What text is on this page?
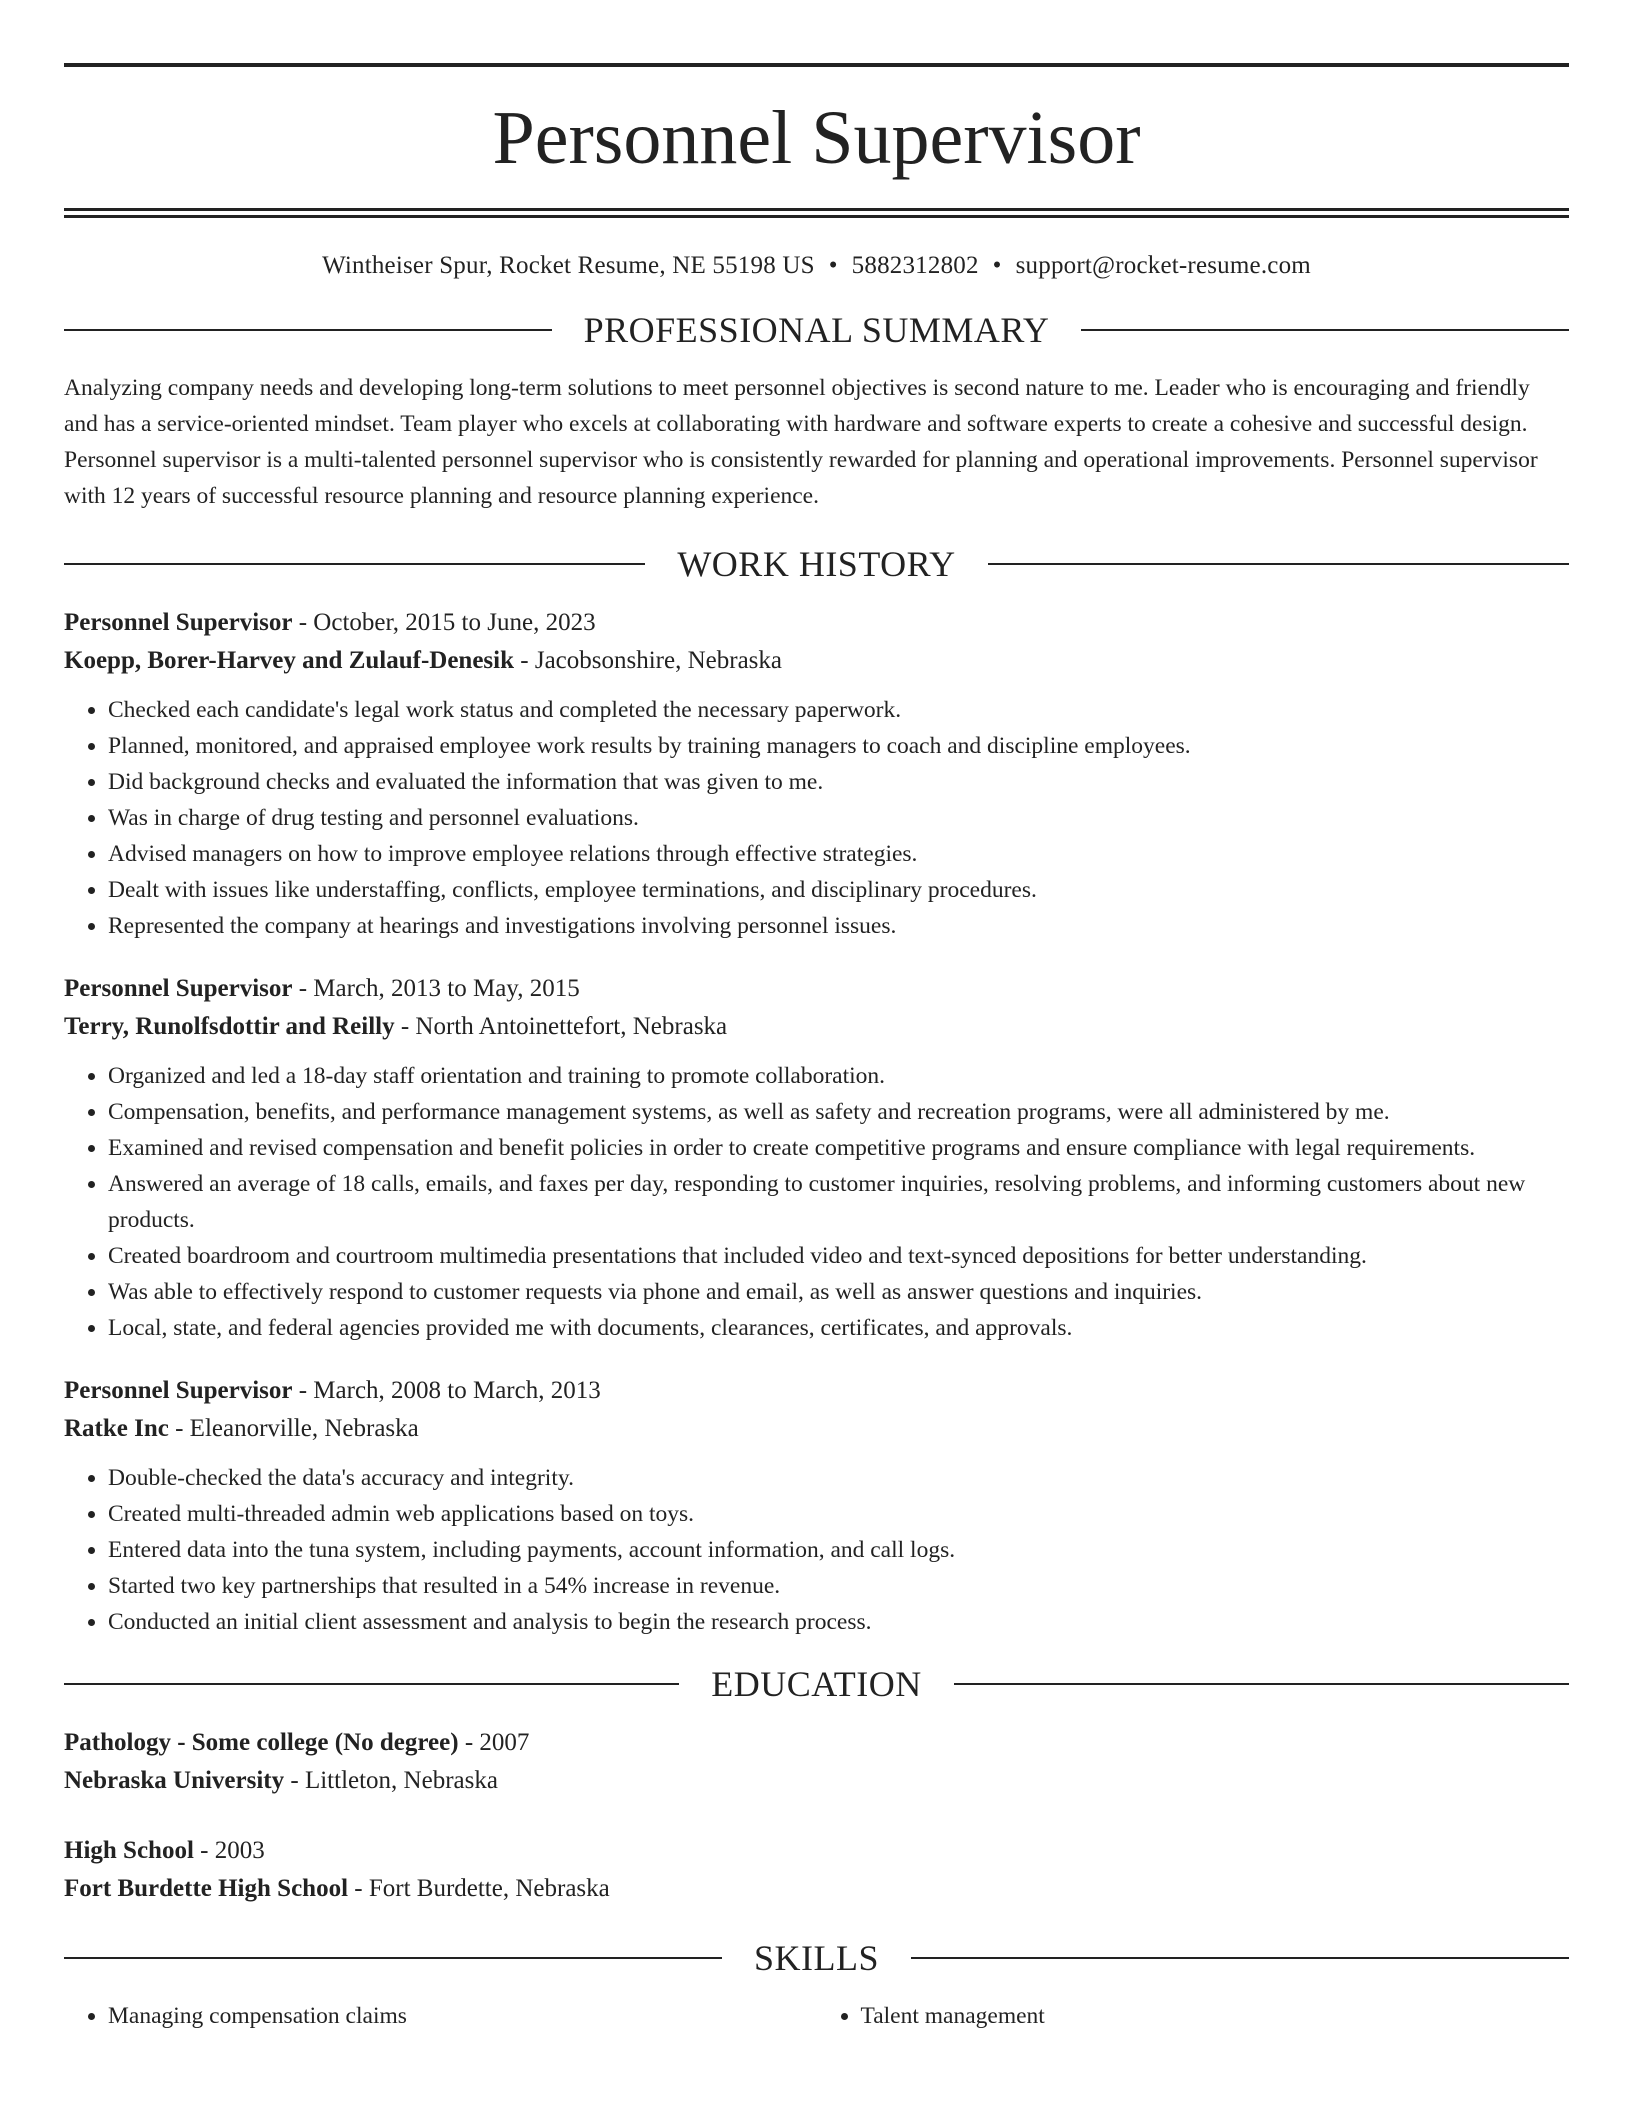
Personnel Supervisor
Wintheiser Spur, Rocket Resume, NE 55198 US • 5882312802 • support@rocket-resume.com
PROFESSIONAL SUMMARY
Analyzing company needs and developing long-term solutions to meet personnel objectives is second nature to me. Leader who is encouraging and friendly and has a service-oriented mindset. Team player who excels at collaborating with hardware and software experts to create a cohesive and successful design. Personnel supervisor is a multi-talented personnel supervisor who is consistently rewarded for planning and operational improvements. Personnel supervisor with 12 years of successful resource planning and resource planning experience.
WORK HISTORY
Personnel Supervisor - October, 2015 to June, 2023
Koepp, Borer-Harvey and Zulauf-Denesik - Jacobsonshire, Nebraska
• Checked each candidate's legal work status and completed the necessary paperwork.
• Planned, monitored, and appraised employee work results by training managers to coach and discipline employees.
• Did background checks and evaluated the information that was given to me.
• Was in charge of drug testing and personnel evaluations.
• Advised managers on how to improve employee relations through effective strategies.
• Dealt with issues like understaffing, conflicts, employee terminations, and disciplinary procedures.
• Represented the company at hearings and investigations involving personnel issues.
Personnel Supervisor - March, 2013 to May, 2015
Terry, Runolfsdottir and Reilly - North Antoinettefort, Nebraska
• Organized and led a 18-day staff orientation and training to promote collaboration.
• Compensation, benefits, and performance management systems, as well as safety and recreation programs, were all administered by me.
• Examined and revised compensation and benefit policies in order to create competitive programs and ensure compliance with legal requirements.
• Answered an average of 18 calls, emails, and faxes per day, responding to customer inquiries, resolving problems, and informing customers about new products.
• Created boardroom and courtroom multimedia presentations that included video and text-synced depositions for better understanding.
• Was able to effectively respond to customer requests via phone and email, as well as answer questions and inquiries.
• Local, state, and federal agencies provided me with documents, clearances, certificates, and approvals.
Personnel Supervisor - March, 2008 to March, 2013
Ratke Inc - Eleanorville, Nebraska
• Double-checked the data's accuracy and integrity.
• Created multi-threaded admin web applications based on toys.
• Entered data into the tuna system, including payments, account information, and call logs.
• Started two key partnerships that resulted in a 54% increase in revenue.
• Conducted an initial client assessment and analysis to begin the research process.
EDUCATION
Pathology - Some college (No degree) - 2007
Nebraska University - Littleton, Nebraska
High School - 2003
Fort Burdette High School - Fort Burdette, Nebraska
SKILLS
• Managing compensation claims
•	Talent management
